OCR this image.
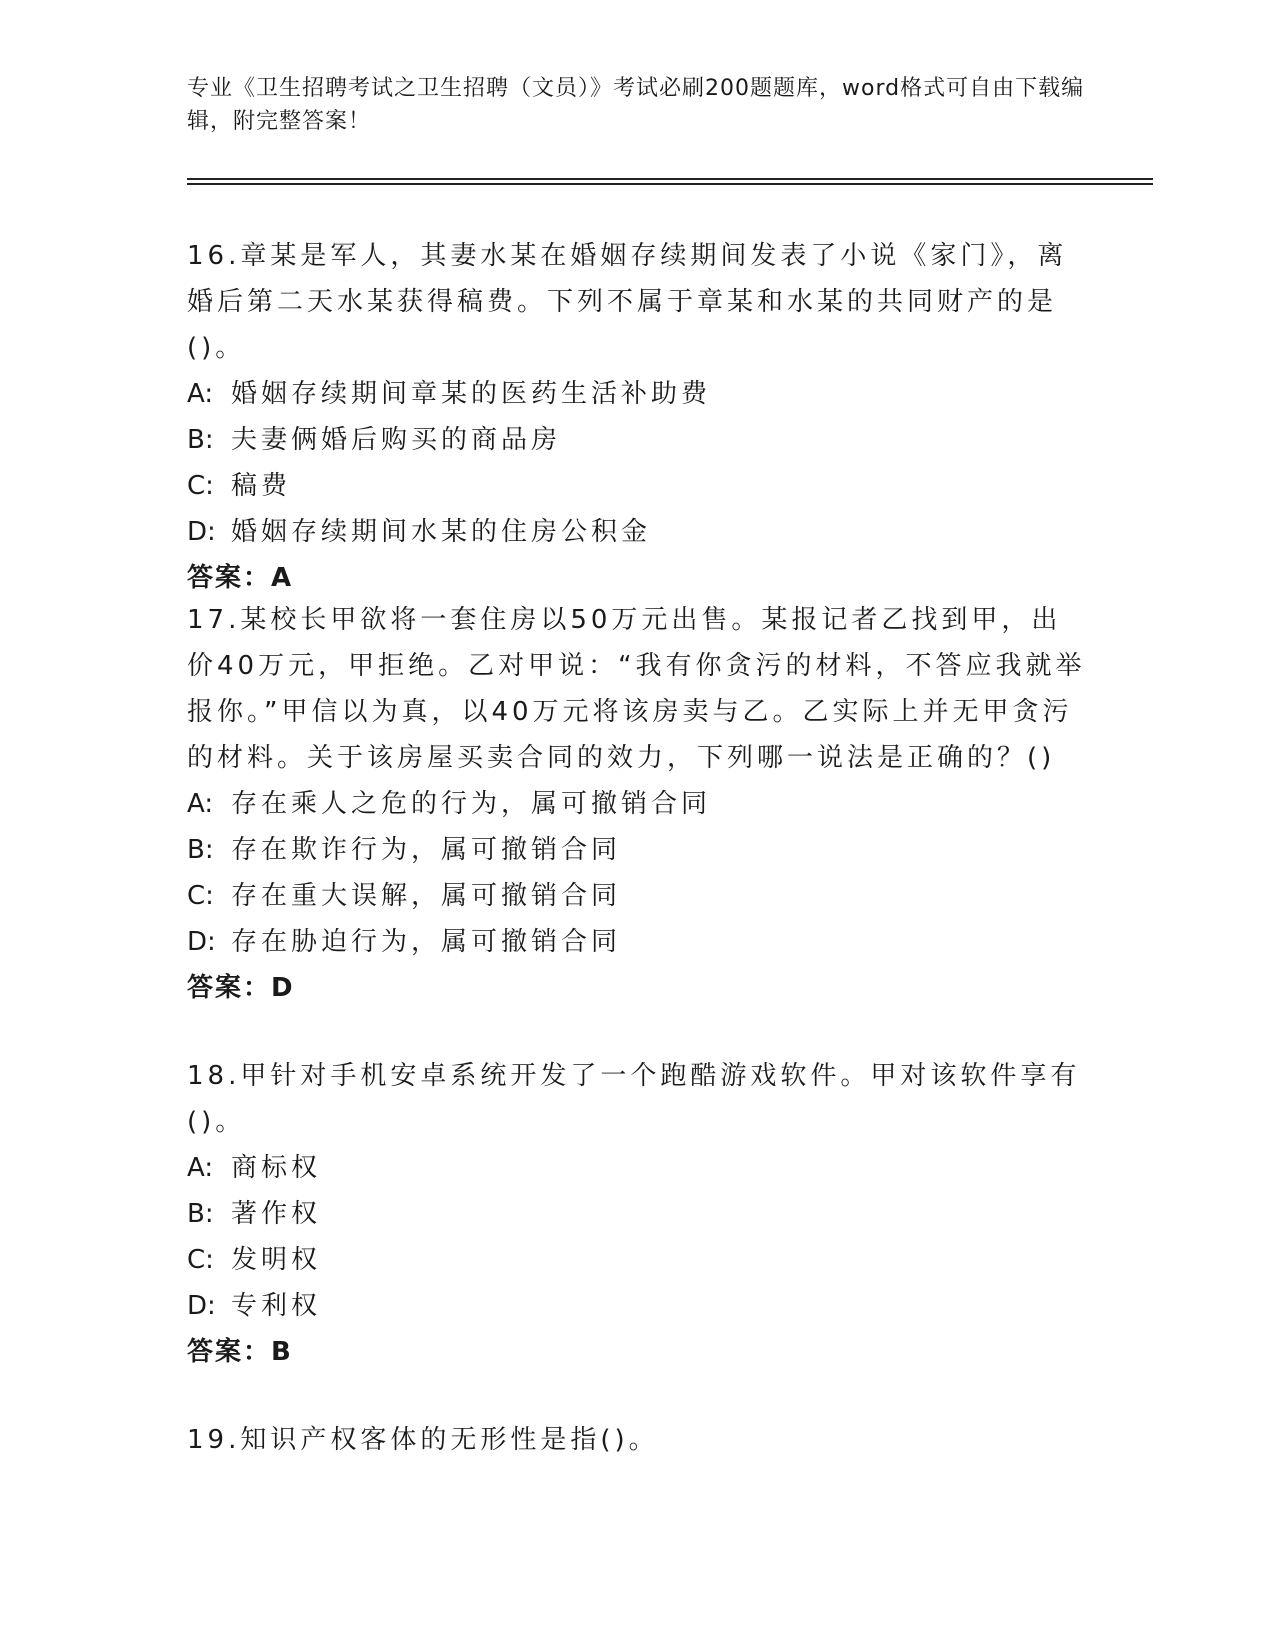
专业《卫生招聘考试之卫生招聘（文员）》考试必刷200题题库，word格式可自由下载编辑，附完整答案！

16.章某是军人，其妻水某在婚姻存续期间发表了小说《家门》，离婚后第二天水某获得稿费。下列不属于章某和水某的共同财产的是()。

A: 婚姻存续期间章某的医药生活补助费

B: 夫妻俩婚后购买的商品房

C: 稿费

D: 婚姻存续期间水某的住房公积金

答案：A

17.某校长甲欲将一套住房以50万元出售。某报记者乙找到甲，出价40万元，甲拒绝。乙对甲说：“我有你贪污的材料，不答应我就举报你。”甲信以为真，以40万元将该房卖与乙。乙实际上并无甲贪污的材料。关于该房屋买卖合同的效力，下列哪一说法是正确的？()

A: 存在乘人之危的行为，属可撤销合同

B: 存在欺诈行为，属可撤销合同

C: 存在重大误解，属可撤销合同

D: 存在胁迫行为，属可撤销合同

答案：D

18.甲针对手机安卓系统开发了一个跑酷游戏软件。甲对该软件享有()。

A: 商标权

B: 著作权

C: 发明权

D: 专利权

答案：B

19.知识产权客体的无形性是指()。
